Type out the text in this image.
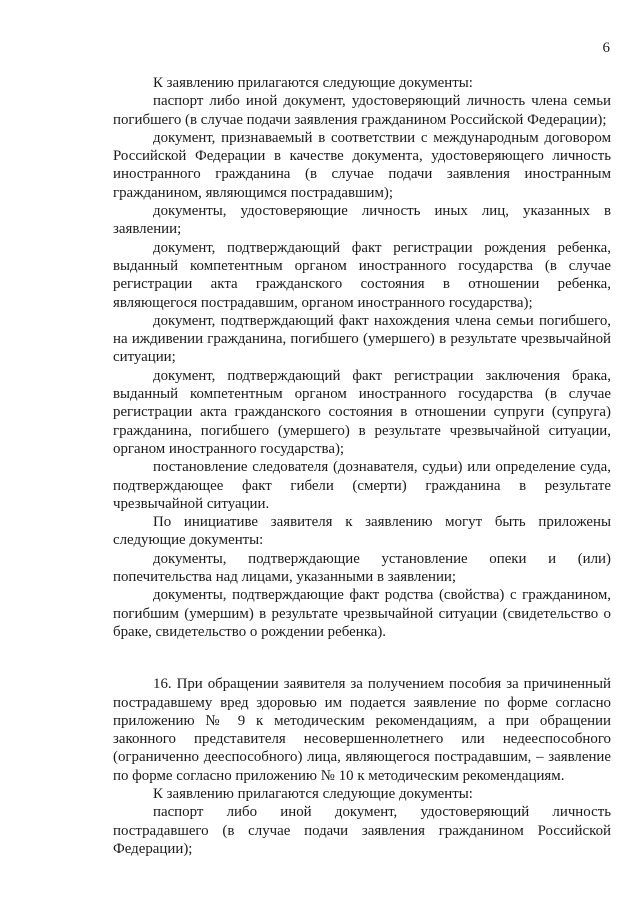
6

К заявлению прилагаются следующие документы:

паспорт либо иной документ, удостоверяющий личность члена семьи погибшего (в случае подачи заявления гражданином Российской Федерации);

документ, признаваемый в соответствии с международным договором Российской Федерации в качестве документа, удостоверяющего личность иностранного гражданина (в случае подачи заявления иностранным гражданином, являющимся пострадавшим);

документы, удостоверяющие личность иных лиц, указанных в заявлении;

документ, подтверждающий факт регистрации рождения ребенка, выданный компетентным органом иностранного государства (в случае регистрации акта гражданского состояния в отношении ребенка, являющегося пострадавшим, органом иностранного государства);

документ, подтверждающий факт нахождения члена семьи погибшего, на иждивении гражданина, погибшего (умершего) в результате чрезвычайной ситуации;

документ, подтверждающий факт регистрации заключения брака, выданный компетентным органом иностранного государства (в случае регистрации акта гражданского состояния в отношении супруги (супруга) гражданина, погибшего (умершего) в результате чрезвычайной ситуации, органом иностранного государства);

постановление следователя (дознавателя, судьи) или определение суда, подтверждающее факт гибели (смерти) гражданина в результате чрезвычайной ситуации.

По инициативе заявителя к заявлению могут быть приложены следующие документы:

документы, подтверждающие установление опеки и (или) попечительства над лицами, указанными в заявлении;

документы, подтверждающие факт родства (свойства) с гражданином, погибшим (умершим) в результате чрезвычайной ситуации (свидетельство о браке, свидетельство о рождении ребенка).

16. При обращении заявителя за получением пособия за причиненный пострадавшему вред здоровью им подается заявление по форме согласно приложению № 9 к методическим рекомендациям, а при обращении законного представителя несовершеннолетнего или недееспособного (ограниченно дееспособного) лица, являющегося пострадавшим, – заявление по форме согласно приложению № 10 к методическим рекомендациям.

К заявлению прилагаются следующие документы:

паспорт либо иной документ, удостоверяющий личность пострадавшего (в случае подачи заявления гражданином Российской Федерации);
